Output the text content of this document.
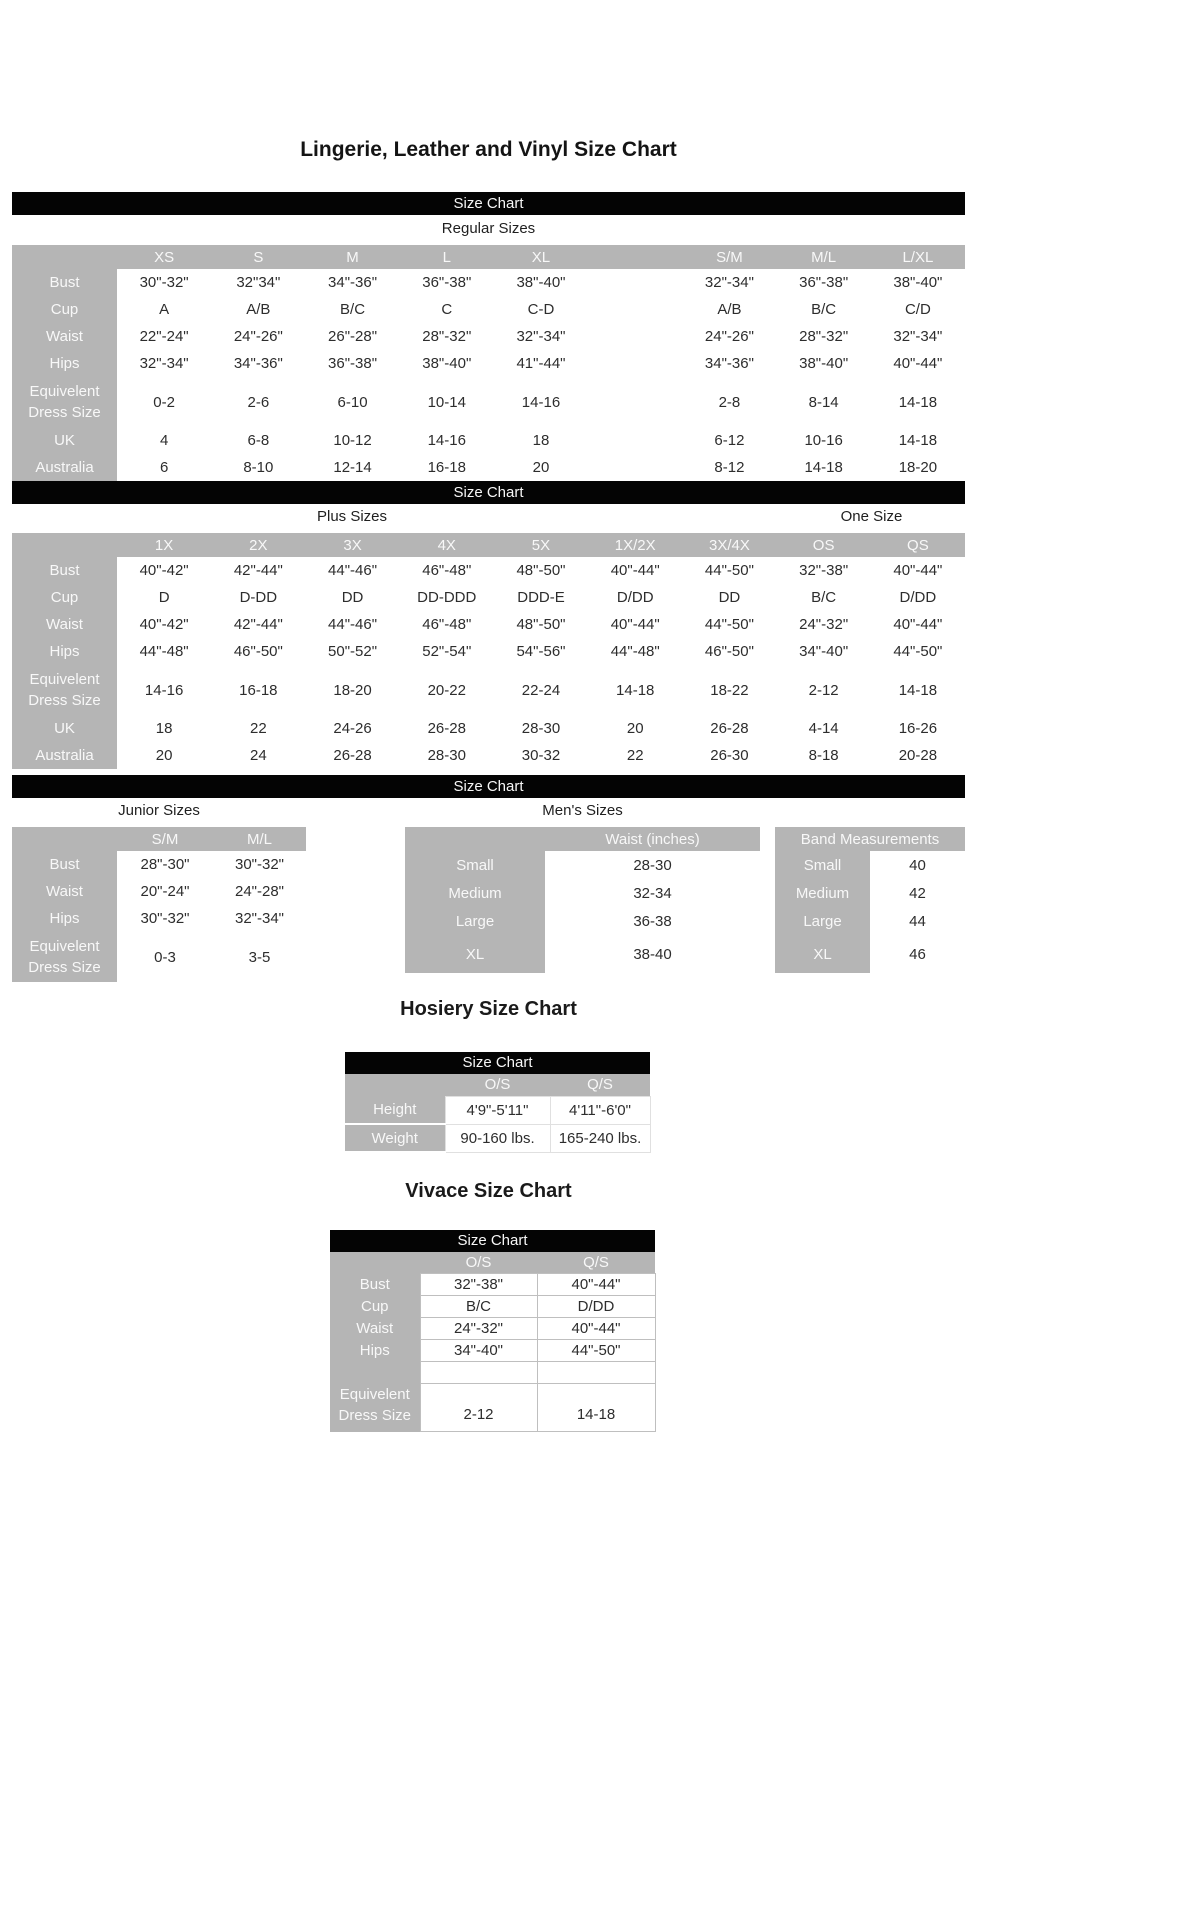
Lingerie, Leather and Vinyl Size Chart
Size Chart
Regular Sizes
	XS	S	M	L	XL		S/M	M/L	L/XL
Bust	30"-32"	32"34"	34"-36"	36"-38"	38"-40"		32"-34"	36"-38"	38"-40"
Cup	A	A/B	B/C	C	C-D		A/B	B/C	C/D
Waist	22"-24"	24"-26"	26"-28"	28"-32"	32"-34"		24"-26"	28"-32"	32"-34"
Hips	32"-34"	34"-36"	36"-38"	38"-40"	41"-44"		34"-36"	38"-40"	40"-44"
Equivelent Dress Size	0-2	2-6	6-10	10-14	14-16		2-8	8-14	14-18
UK	4	6-8	10-12	14-16	18		6-12	10-16	14-18
Australia	6	8-10	12-14	16-18	20		8-12	14-18	18-20
Size Chart
Plus Sizes	One Size
	1X	2X	3X	4X	5X	1X/2X	3X/4X	OS	QS
Bust	40"-42"	42"-44"	44"-46"	46"-48"	48"-50"	40"-44"	44"-50"	32"-38"	40"-44"
Cup	D	D-DD	DD	DD-DDD	DDD-E	D/DD	DD	B/C	D/DD
Waist	40"-42"	42"-44"	44"-46"	46"-48"	48"-50"	40"-44"	44"-50"	24"-32"	40"-44"
Hips	44"-48"	46"-50"	50"-52"	52"-54"	54"-56"	44"-48"	46"-50"	34"-40"	44"-50"
Equivelent Dress Size	14-16	16-18	18-20	20-22	22-24	14-18	18-22	2-12	14-18
UK	18	22	24-26	26-28	28-30	20	26-28	4-14	16-26
Australia	20	24	26-28	28-30	30-32	22	26-30	8-18	20-28
Size Chart
Junior Sizes	Men's Sizes
	S/M	M/L
Bust	28"-30"	30"-32"
Waist	20"-24"	24"-28"
Hips	30"-32"	32"-34"
Equivelent Dress Size	0-3	3-5
	Waist (inches)
Small	28-30
Medium	32-34
Large	36-38
XL	38-40
Band Measurements	
Small	40
Medium	42
Large	44
XL	46
Hosiery Size Chart
Size Chart
	O/S	Q/S
Height	4'9"-5'11"	4'11"-6'0"
Weight	90-160 lbs.	165-240 lbs.
Vivace Size Chart
Size Chart
	O/S	Q/S
Bust	32"-38"	40"-44"
Cup	B/C	D/DD
Waist	24"-32"	40"-44"
Hips	34"-40"	44"-50"

Equivelent Dress Size	2-12	14-18
